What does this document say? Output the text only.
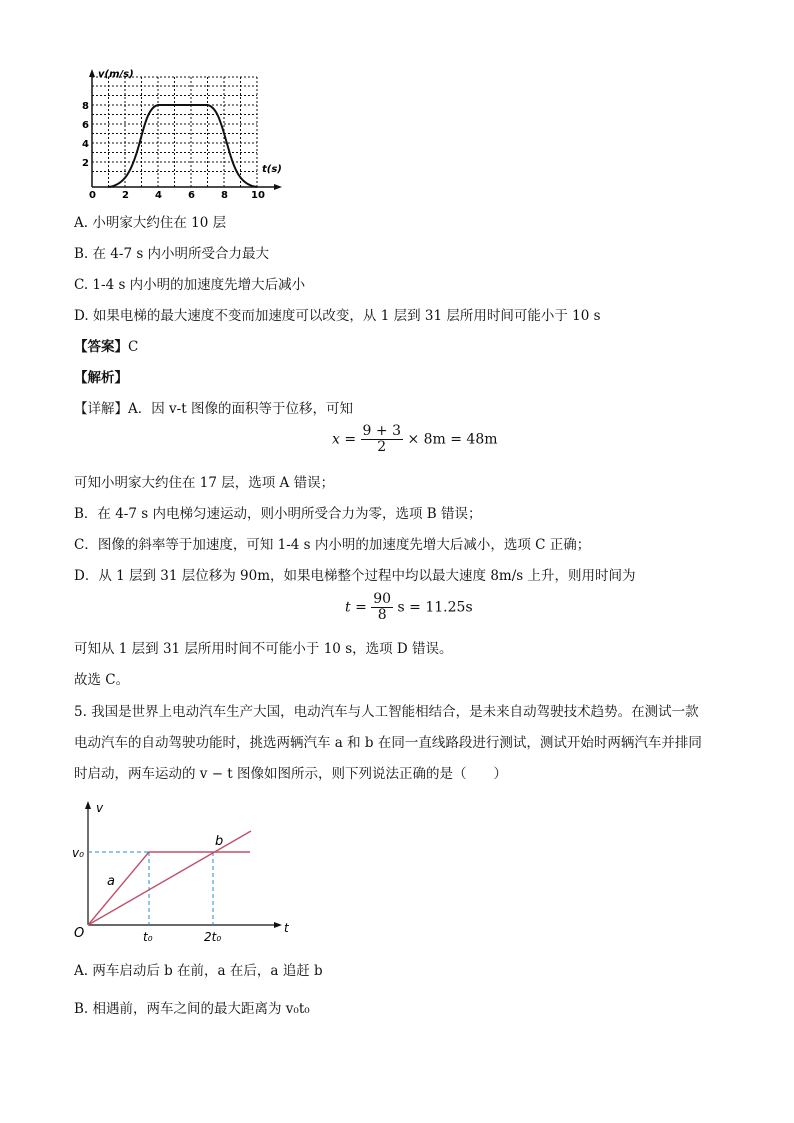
v(m/s)
t(s)
8
6
4
2
0	2	4	6	8 10
A. 小明家大约住在 10 层
B. 在 4-7 s 内小明所受合力最大
C. 1-4 s 内小明的加速度先增大后减小
D. 如果电梯的最大速度不变而加速度可以改变，从 1 层到 31 层所用时间可能小于 10 s
【答案】C
【解析】
【详解】A．因 v-t 图像的面积等于位移，可知
$x = \frac{9 + 3}{2} \times 8m = 48m$
可知小明家大约住在 17 层，选项 A 错误；
B．在 4-7 s 内电梯匀速运动，则小明所受合力为零，选项 B 错误；
C．图像的斜率等于加速度，可知 1-4 s 内小明的加速度先增大后减小，选项 C 正确；
D．从 1 层到 31 层位移为 90m，如果电梯整个过程中均以最大速度 8m/s 上升，则用时间为
$t = \frac{90}{8}$ s = 11.25s
可知从 1 层到 31 层所用时间不可能小于 10 s，选项 D 错误。
故选 C。
5. 我国是世界上电动汽车生产大国，电动汽车与人工智能相结合，是未来自动驾驶技术趋势。在测试一款
电动汽车的自动驾驶功能时，挑选两辆汽车 a 和 b 在同一直线路段进行测试，测试开始时两辆汽车并排同
时启动，两车运动的 v − t 图像如图所示，则下列说法正确的是（　　）
v
t
O
v₀
t₀	2t₀
a
b
A. 两车启动后 b 在前，a 在后，a 追赶 b
B. 相遇前，两车之间的最大距离为 v₀t₀
